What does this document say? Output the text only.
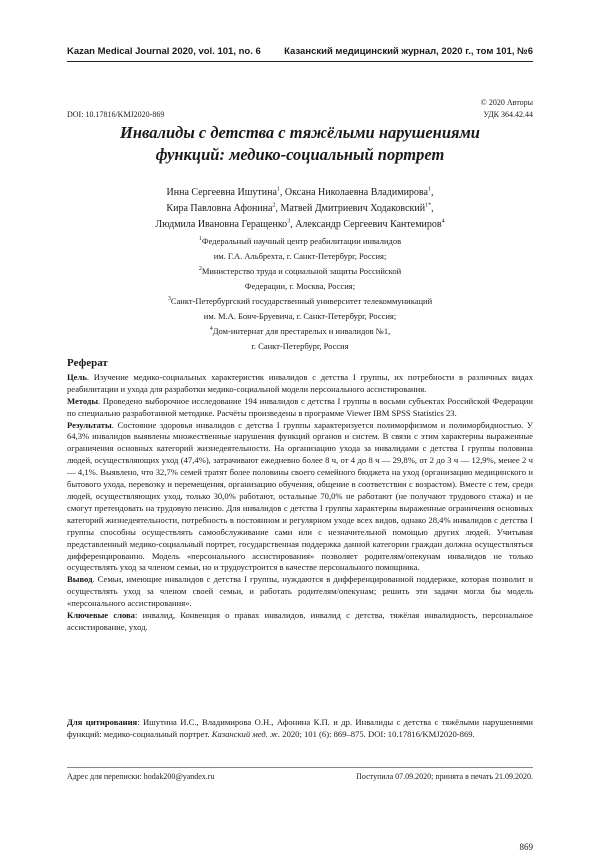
Kazan Medical Journal 2020, vol. 101, no. 6 Казанский медицинский журнал, 2020 г., том 101, №6
© 2020 Авторы
DOI: 10.17816/KMJ2020-869	УДК 364.42.44
Инвалиды с детства с тяжёлыми нарушениями
функций: медико-социальный портрет
Инна Сергеевна Ишутина$^1$, Оксана Николаевна Владимирова$^1$,
Кира Павловна Афонина$^2$, Матвей Дмитриевич Ходаковский$^{1*}$,
Людмила Ивановна Геращенко$^3$, Александр Сергеевич Кантемиров$^4$
$^1$Федеральный научный центр реабилитации инвалидов
им. Г.А. Альбрехта, г. Санкт-Петербург, Россия;
$^2$Министерство труда и социальной защиты Российской
Федерации, г. Москва, Россия;
$^3$Санкт-Петербургский государственный университет телекоммуникаций
им. М.А. Бонч-Бруевича, г. Санкт-Петербург, Россия;
$^4$Дом-интернат для престарелых и инвалидов №1,
г. Санкт-Петербург, Россия
Реферат

Цель. Изучение медико-социальных характеристик инвалидов с детства I группы, их потребности в различных видах реабилитации и ухода для разработки медико-социальной модели персонального ассистирования.

Методы. Проведено выборочное исследование 194 инвалидов с детства I группы в восьми субъектах Российской Федерации по специально разработанной методике. Расчёты произведены в программе Viewer IBM SPSS Statistics 23.

Результаты. Состояние здоровья инвалидов с детства I группы характеризуется полиморфизмом и полиморбидностью. У 64,3% инвалидов выявлены множественные нарушения функций органов и систем. В связи с этим характерны выраженные ограничения основных категорий жизнедеятельности. На организацию ухода за инвалидами с детства I группы половина людей, осуществляющих уход (47,4%), затрачивают ежедневно более 8 ч, от 4 до 8 ч — 29,8%, от 2 до 3 ч — 12,9%, менее 2 ч — 4,1%. Выявлено, что 32,7% семей тратят более половины своего семейного бюджета на уход (организацию медицинского и бытового ухода, перевозку и перемещения, организацию обучения, общение в соответствии с возрастом). Вместе с тем, среди людей, осуществляющих уход, только 30,0% работают, остальные 70,0% не работают (не получают трудового стажа) и не смогут претендовать на трудовую пенсию. Для инвалидов с детства I группы характерны выраженные ограничения основных категорий жизнедеятельности, потребность в постоянном и регулярном уходе всех видов, однако 28,4% инвалидов с детства I группы способны осуществлять самообслуживание сами или с незначительной помощью других людей. Учитывая представленный медико-социальный портрет, государственная поддержка данной категории граждан должна осуществляться дифференцированно. Модель «персонального ассистирования» позволяет родителям/опекунам инвалидов не только осуществлять уход за членом семьи, но и трудоустроится в качестве персонального помощника.

Вывод. Семьи, имеющие инвалидов с детства I группы, нуждаются в дифференцированной поддержке, которая позволит и осуществлять уход за членом своей семьи, и работать родителям/опекунам; решить эти задачи могла бы модель «персонального ассистирования».

Ключевые слова: инвалид, Конвенция о правах инвалидов, инвалид с детства, тяжёлая инвалидность, персональное ассистирование, уход.

Для цитирования: Ишутина И.С., Владимирова О.Н., Афонина К.П. и др. Инвалиды с детства с тяжёлыми нарушениями функций: медико-социальный портрет. Казанский мед. ж. 2020; 101 (6): 869–875. DOI: 10.17816/KMJ2020-869.
Адрес для переписки: hodak200@yandex.ru	Поступила 07.09.2020; принята в печать 21.09.2020.
869
